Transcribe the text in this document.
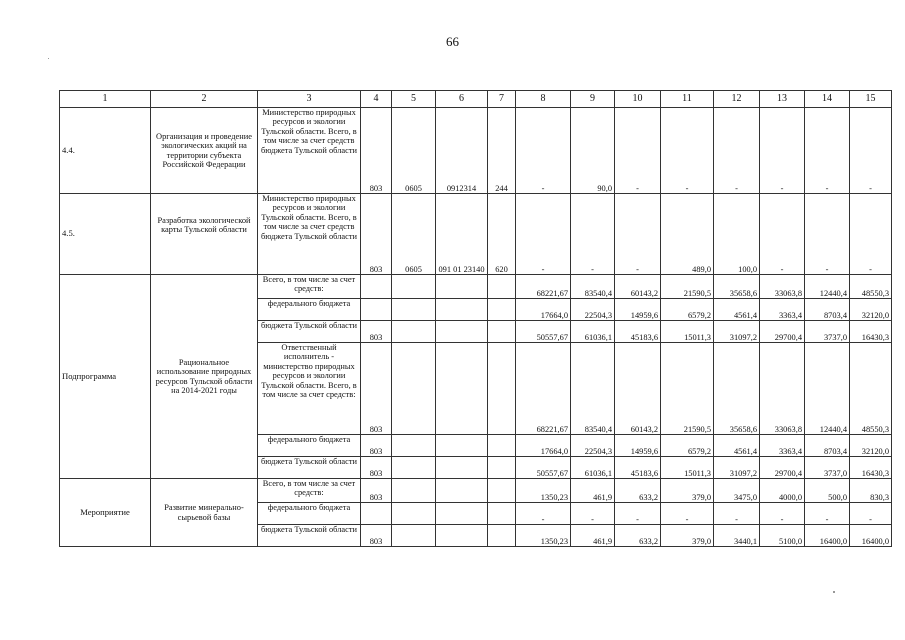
66
1	2	3	4	5	6	7	8	9	10	11	12	13	14	15
4.4.	Организация и проведение экологических акций на территории субъекта Российской Федерации	Министерство природных ресурсов и экологии Тульской области. Всего, в том числе за счет средств бюджета Тульской области	803	0605	0912314	244	-	90,0	-	-	-	-	-	-
4.5.	Разработка экологической карты Тульской области	Министерство природных ресурсов и экологии Тульской области. Всего, в том числе за счет средств бюджета Тульской области	803	0605	091 01 23140	620	-	-	-	489,0	100,0	-	-	-
Подпрограмма	Рациональное использование природных ресурсов Тульской области на 2014-2021 годы	Всего, в том числе за счет средств:					68221,67	83540,4	60143,2	21590,5	35658,6	33063,8	12440,4	48550,3
		федерального бюджета					17664,0	22504,3	14959,6	6579,2	4561,4	3363,4	8703,4	32120,0
		бюджета Тульской области	803				50557,67	61036,1	45183,6	15011,3	31097,2	29700,4	3737,0	16430,3
		Ответственный исполнитель - министерство природных ресурсов и экологии Тульской области. Всего, в том числе за счет средств:	803				68221,67	83540,4	60143,2	21590,5	35658,6	33063,8	12440,4	48550,3
		федерального бюджета	803				17664,0	22504,3	14959,6	6579,2	4561,4	3363,4	8703,4	32120,0
		бюджета Тульской области	803				50557,67	61036,1	45183,6	15011,3	31097,2	29700,4	3737,0	16430,3
Мероприятие	Развитие минерально-сырьевой базы	Всего, в том числе за счет средств:	803				1350,23	461,9	633,2	379,0	3475,0	4000,0	500,0	830,3
		федерального бюджета					-	-	-	-	-	-	-	-
		бюджета Тульской области	803				1350,23	461,9	633,2	379,0	3440,1	5100,0	16400,0	16400,0
